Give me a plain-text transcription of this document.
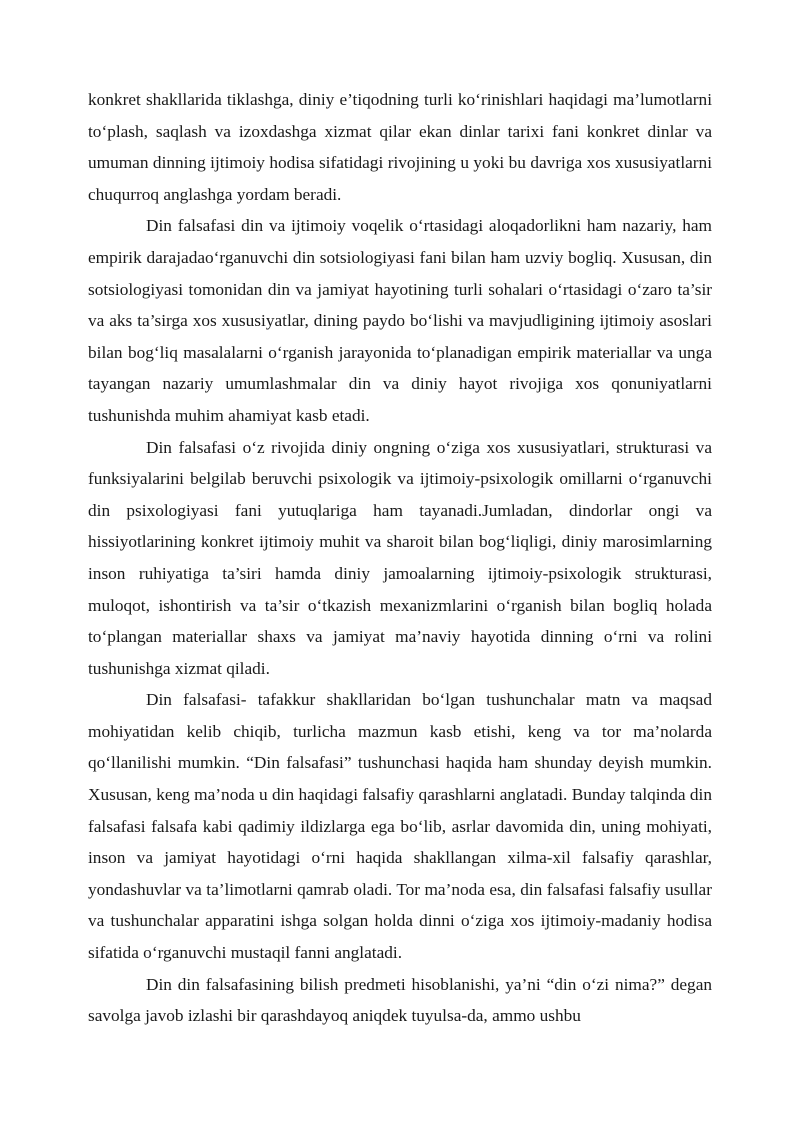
konkret shakllarida tiklashga, diniy e’tiqodning turli ko‘rinishlari haqidagi ma’lumotlarni to‘plash, saqlash va izoxdashga xizmat qilar ekan dinlar tarixi fani konkret dinlar va umuman dinning ijtimoiy hodisa sifatidagi rivojining u yoki bu davriga xos xususiyatlarni chuqurroq anglashga yordam beradi.

Din falsafasi din va ijtimoiy voqelik o‘rtasidagi aloqadorlikni ham nazariy, ham empirik darajadao‘rganuvchi din sotsiologiyasi fani bilan ham uzviy bogliq. Xususan, din sotsiologiyasi tomonidan din va jamiyat hayotining turli sohalari o‘rtasidagi o‘zaro ta’sir va aks ta’sirga xos xususiyatlar, dining paydo bo‘lishi va mavjudligining ijtimoiy asoslari bilan bog‘liq masalalarni o‘rganish jarayonida to‘planadigan empirik materiallar va unga tayangan nazariy umumlashmalar din va diniy hayot rivojiga xos qonuniyatlarni tushunishda muhim ahamiyat kasb etadi.

Din falsafasi o‘z rivojida diniy ongning o‘ziga xos xususiyatlari, strukturasi va funksiyalarini belgilab beruvchi psixologik va ijtimoiy-psixologik omillarni o‘rganuvchi din psixologiyasi fani yutuqlariga ham tayanadi.Jumladan, dindorlar ongi va hissiyotlarining konkret ijtimoiy muhit va sharoit bilan bog‘liqligi, diniy marosimlarning inson ruhiyatiga ta’siri hamda diniy jamoalarning ijtimoiy-psixologik strukturasi, muloqot, ishontirish va ta’sir o‘tkazish mexanizmlarini o‘rganish bilan bogliq holada to‘plangan materiallar shaxs va jamiyat ma’naviy hayotida dinning o‘rni va rolini tushunishga xizmat qiladi.

Din falsafasi- tafakkur shakllaridan bo‘lgan tushunchalar matn va maqsad mohiyatidan kelib chiqib, turlicha mazmun kasb etishi, keng va tor ma’nolarda qo‘llanilishi mumkin. “Din falsafasi” tushunchasi haqida ham shunday deyish mumkin. Xususan, keng ma’noda u din haqidagi falsafiy qarashlarni anglatadi. Bunday talqinda din falsafasi falsafa kabi qadimiy ildizlarga ega bo‘lib, asrlar davomida din, uning mohiyati, inson va jamiyat hayotidagi o‘rni haqida shakllangan xilma-xil falsafiy qarashlar, yondashuvlar va ta’limotlarni qamrab oladi. Tor ma’noda esa, din falsafasi falsafiy usullar va tushunchalar apparatini ishga solgan holda dinni o‘ziga xos ijtimoiy-madaniy hodisa sifatida o‘rganuvchi mustaqil fanni anglatadi.

Din din falsafasining bilish predmeti hisoblanishi, ya’ni “din o‘zi nima?” degan savolga javob izlashi bir qarashdayoq aniqdek tuyulsa-da, ammo ushbu
